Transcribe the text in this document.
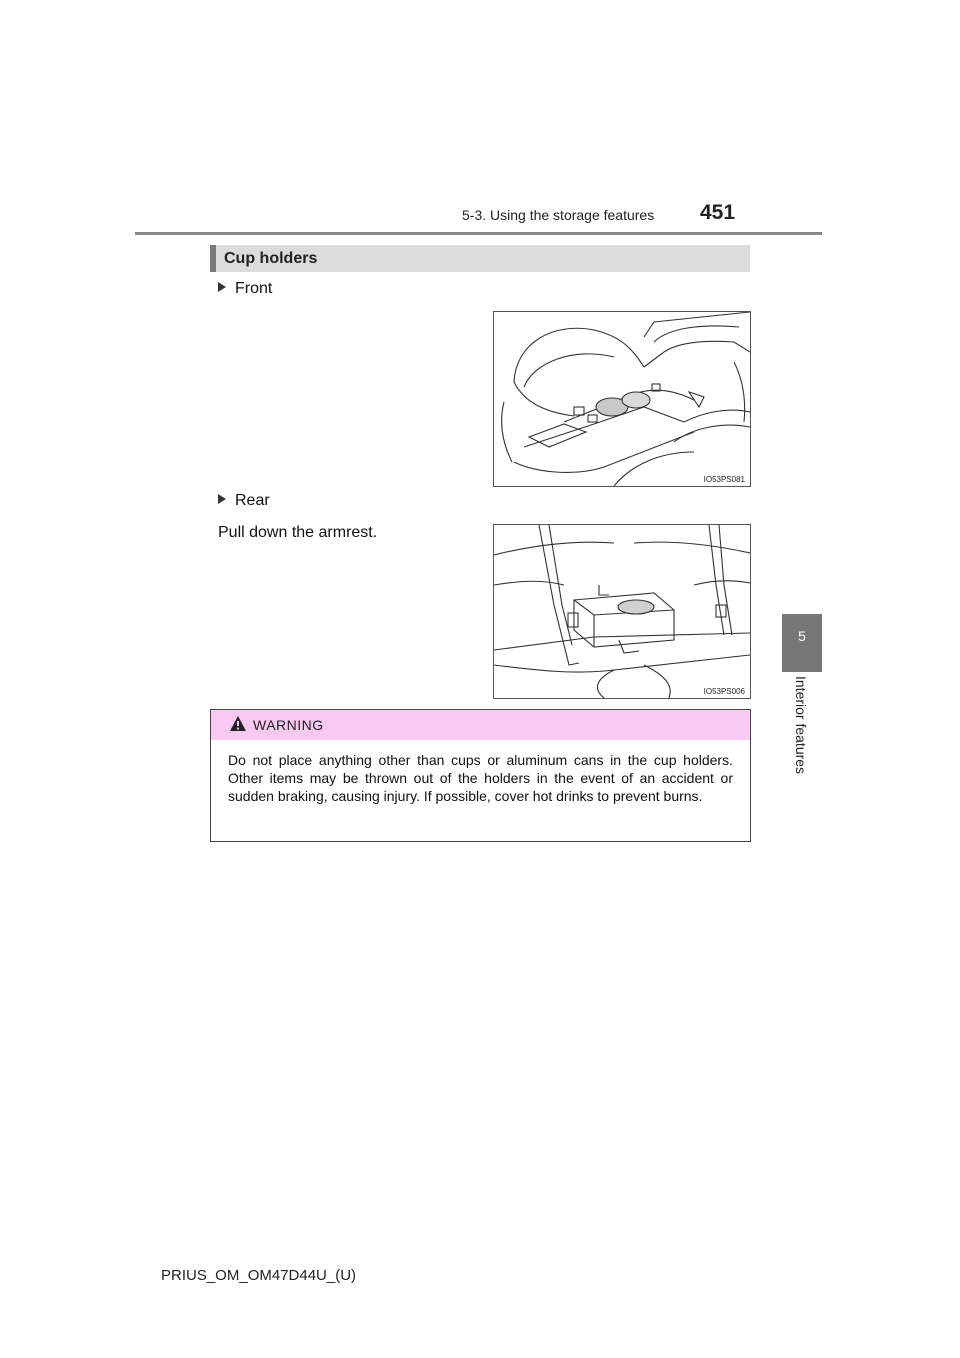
5-3. Using the storage features 451
5
Interior features
Cup holders
Front
IO53PS081
Rear
Pull down the armrest.
IO53PS006
WARNING
Do not place anything other than cups or aluminum cans in the cup holders. Other items may be thrown out of the holders in the event of an accident or sudden braking, causing injury. If possible, cover hot drinks to prevent burns.
PRIUS_OM_OM47D44U_(U)
